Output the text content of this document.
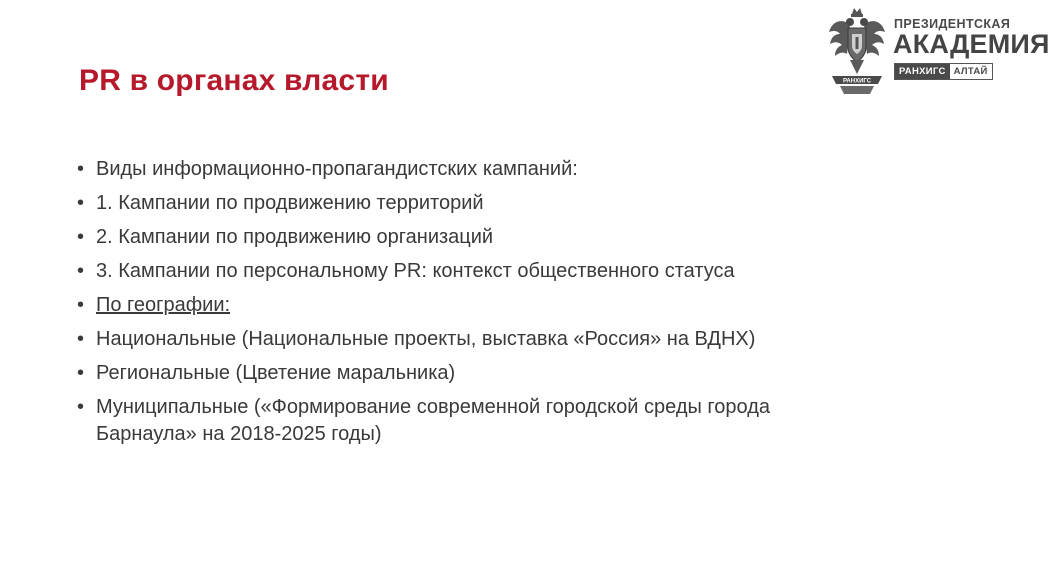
PR в органах власти
• Виды информационно-пропагандистских кампаний:
• 1. Кампании по продвижению территорий
• 2. Кампании по продвижению организаций
• 3. Кампании по персональному PR: контекст общественного статуса
• По географии:
• Национальные (Национальные проекты, выставка «Россия» на ВДНХ)
• Региональные (Цветение маральника)
• Муниципальные («Формирование современной городской среды города Барнаула» на 2018-2025 годы)
РАНХИГС
ПРЕЗИДЕНТСКАЯ
АКАДЕМИЯ
РАНХИГС АЛТАЙ
